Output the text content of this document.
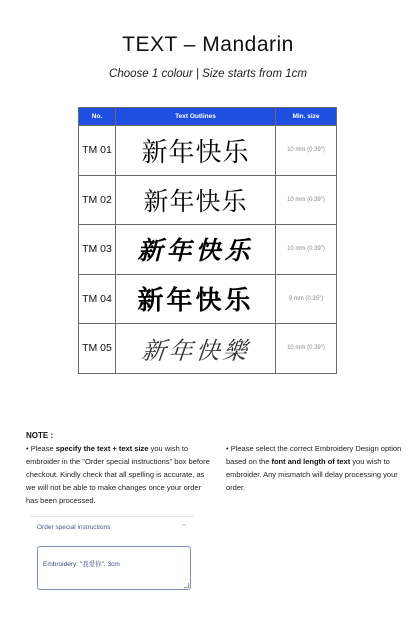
TEXT – Mandarin
Choose 1 colour | Size starts from 1cm
No.	Text Outlines	Min. size
TM 01	新年快乐	10 mm (0.39")
TM 02	新年快乐	10 mm (0.39")
TM 03	新年快乐	10 mm (0.39")
TM 04	新年快乐	9 mm (0.35")
TM 05	新年快樂	10 mm (0.39")
NOTE :
• Please specify the text + text size you wish to embroider in the "Order special instructions" box before checkout. Kindly check that all spelling is accurate, as we will not be able to make changes once your order has been processed.
• Please select the correct Embroidery Design option based on the font and length of text you wish to embroider. Any mismatch will delay processing your order.
Order special instructions	⌃
Embroidery: "我爱你", 3cm
